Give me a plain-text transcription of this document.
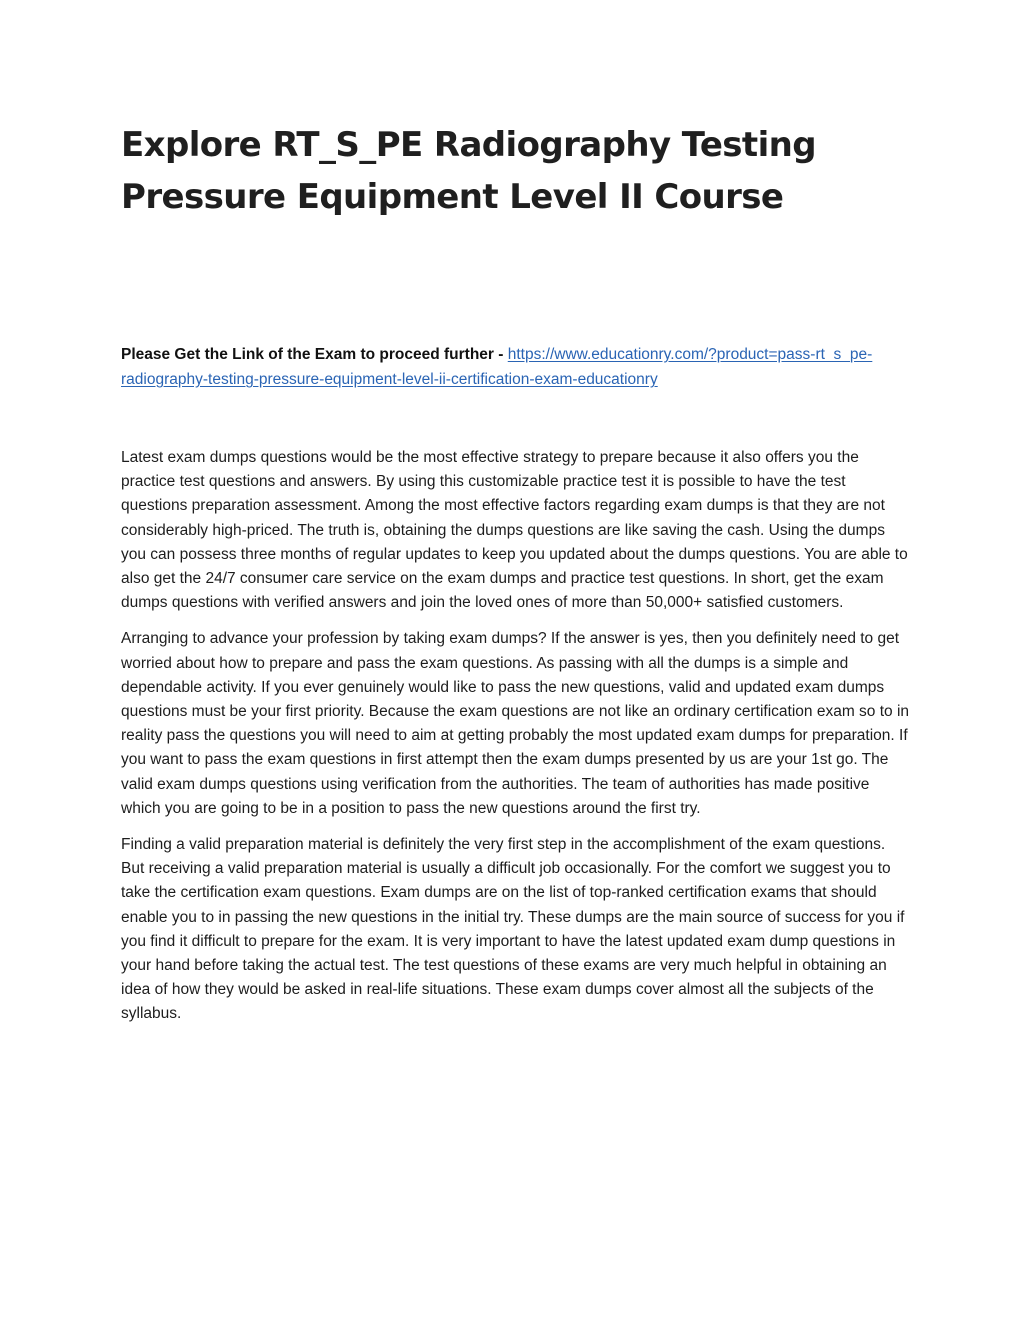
Explore RT_S_PE Radiography Testing Pressure Equipment Level II Course

Please Get the Link of the Exam to proceed further - https://www.educationry.com/?product=pass-rt_s_pe-radiography-testing-pressure-equipment-level-ii-certification-exam-educationry

Latest exam dumps questions would be the most effective strategy to prepare because it also offers you the practice test questions and answers. By using this customizable practice test it is possible to have the test questions preparation assessment. Among the most effective factors regarding exam dumps is that they are not considerably high-priced. The truth is, obtaining the dumps questions are like saving the cash. Using the dumps you can possess three months of regular updates to keep you updated about the dumps questions. You are able to also get the 24/7 consumer care service on the exam dumps and practice test questions. In short, get the exam dumps questions with verified answers and join the loved ones of more than 50,000+ satisfied customers.

Arranging to advance your profession by taking exam dumps? If the answer is yes, then you definitely need to get worried about how to prepare and pass the exam questions. As passing with all the dumps is a simple and dependable activity. If you ever genuinely would like to pass the new questions, valid and updated exam dumps questions must be your first priority. Because the exam questions are not like an ordinary certification exam so to in reality pass the questions you will need to aim at getting probably the most updated exam dumps for preparation. If you want to pass the exam questions in first attempt then the exam dumps presented by us are your 1st go. The valid exam dumps questions using verification from the authorities. The team of authorities has made positive which you are going to be in a position to pass the new questions around the first try.

Finding a valid preparation material is definitely the very first step in the accomplishment of the exam questions. But receiving a valid preparation material is usually a difficult job occasionally. For the comfort we suggest you to take the certification exam questions. Exam dumps are on the list of top-ranked certification exams that should enable you to in passing the new questions in the initial try. These dumps are the main source of success for you if you find it difficult to prepare for the exam. It is very important to have the latest updated exam dump questions in your hand before taking the actual test. The test questions of these exams are very much helpful in obtaining an idea of how they would be asked in real-life situations. These exam dumps cover almost all the subjects of the syllabus.
